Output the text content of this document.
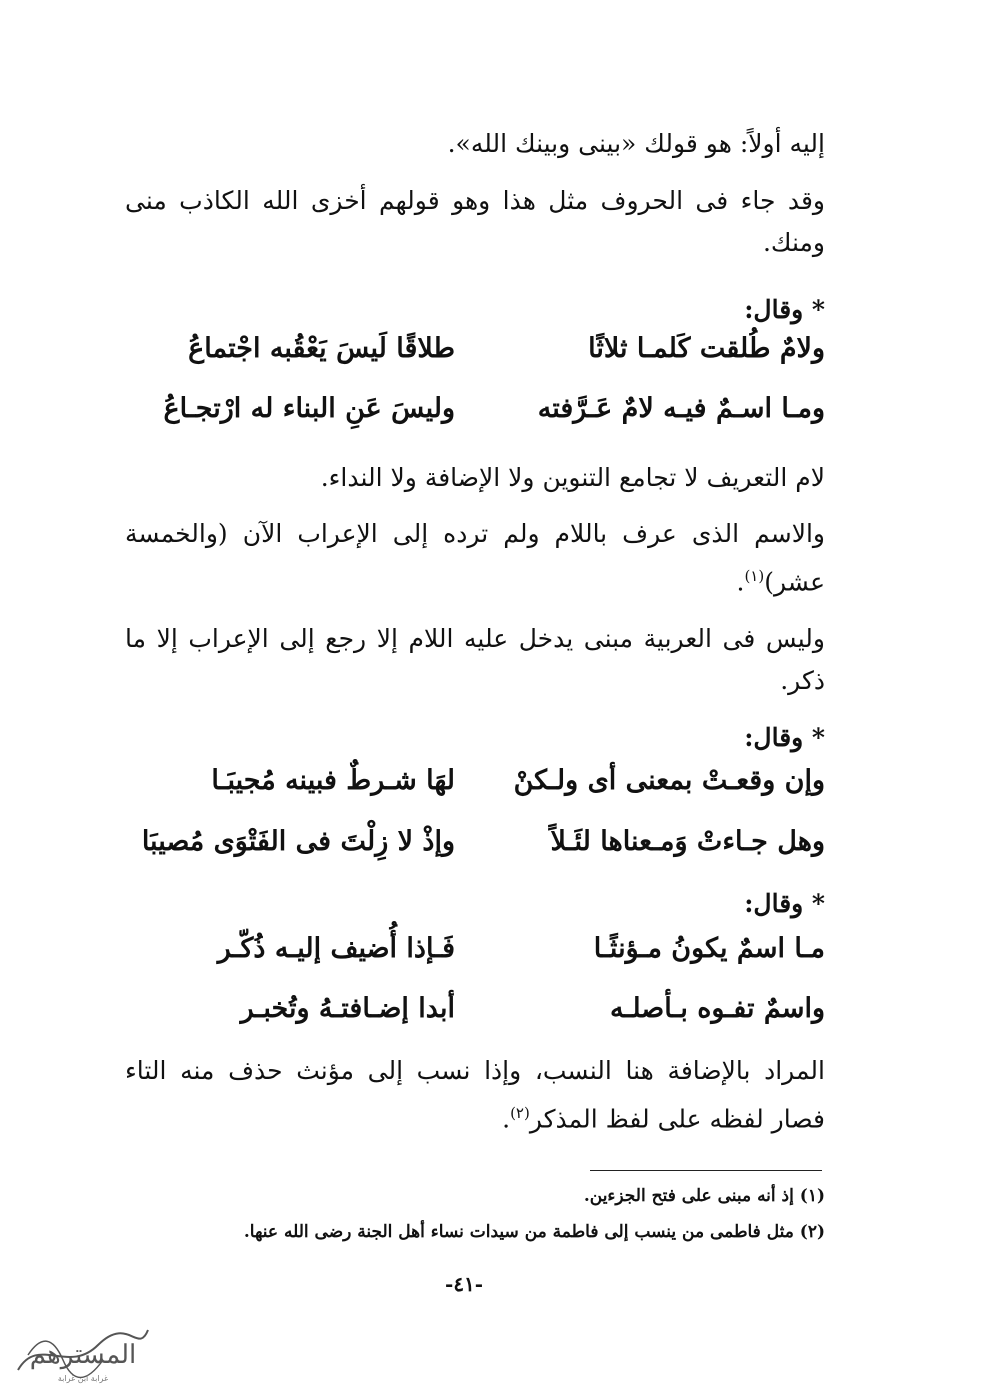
إليه أولاً: هو قولك «بينى وبينك الله».
وقد جاء فى الحروف مثل هذا وهو قولهم أخزى الله الكاذب منى ومنك.
* وقال:
ولامٌ طُلقت كَلمـا ثلاثًا
طلاقًا لَيسَ يَعْقُبه اجْتماعُ
ومـا اسـمٌ فيـه لامٌ عَـرَّفته
وليسَ عَنِ البناء له ارْتجـاعُ
لام التعريف لا تجامع التنوين ولا الإضافة ولا النداء.
والاسم الذى عرف باللام ولم ترده إلى الإعراب الآن (والخمسة عشر)$^{(١)}$.
وليس فى العربية مبنى يدخل عليه اللام إلا رجع إلى الإعراب إلا ما ذكر.
* وقال:
وإن وقعـتْ بمعنى أى ولـكنْ
لهَا شـرطٌ فبينه مُجيبَـا
وهل جـاءتْ وَمـعناها لئَـلاً
وإذْ لا زِلْتَ فى الفَتْوَى مُصيبَا
* وقال:
مـا اسمٌ يكونُ مـؤنثًـا
فَـإذا أُضيف إليـه ذُكّـر
واسمٌ تفـوه بـأصلـه
أبدا إضـافتـهُ وتُخبـر
المراد بالإضافة هنا النسب، وإذا نسب إلى مؤنث حذف منه التاء فصار لفظه على لفظ المذكر$^{(٢)}$.
(١) إذ أنه مبنى على فتح الجزءين.
(٢) مثل فاطمى من ينسب إلى فاطمة من سيدات نساء أهل الجنة رضى الله عنها.
-٤١-
المسترهم
غرابة ابن غرابة
